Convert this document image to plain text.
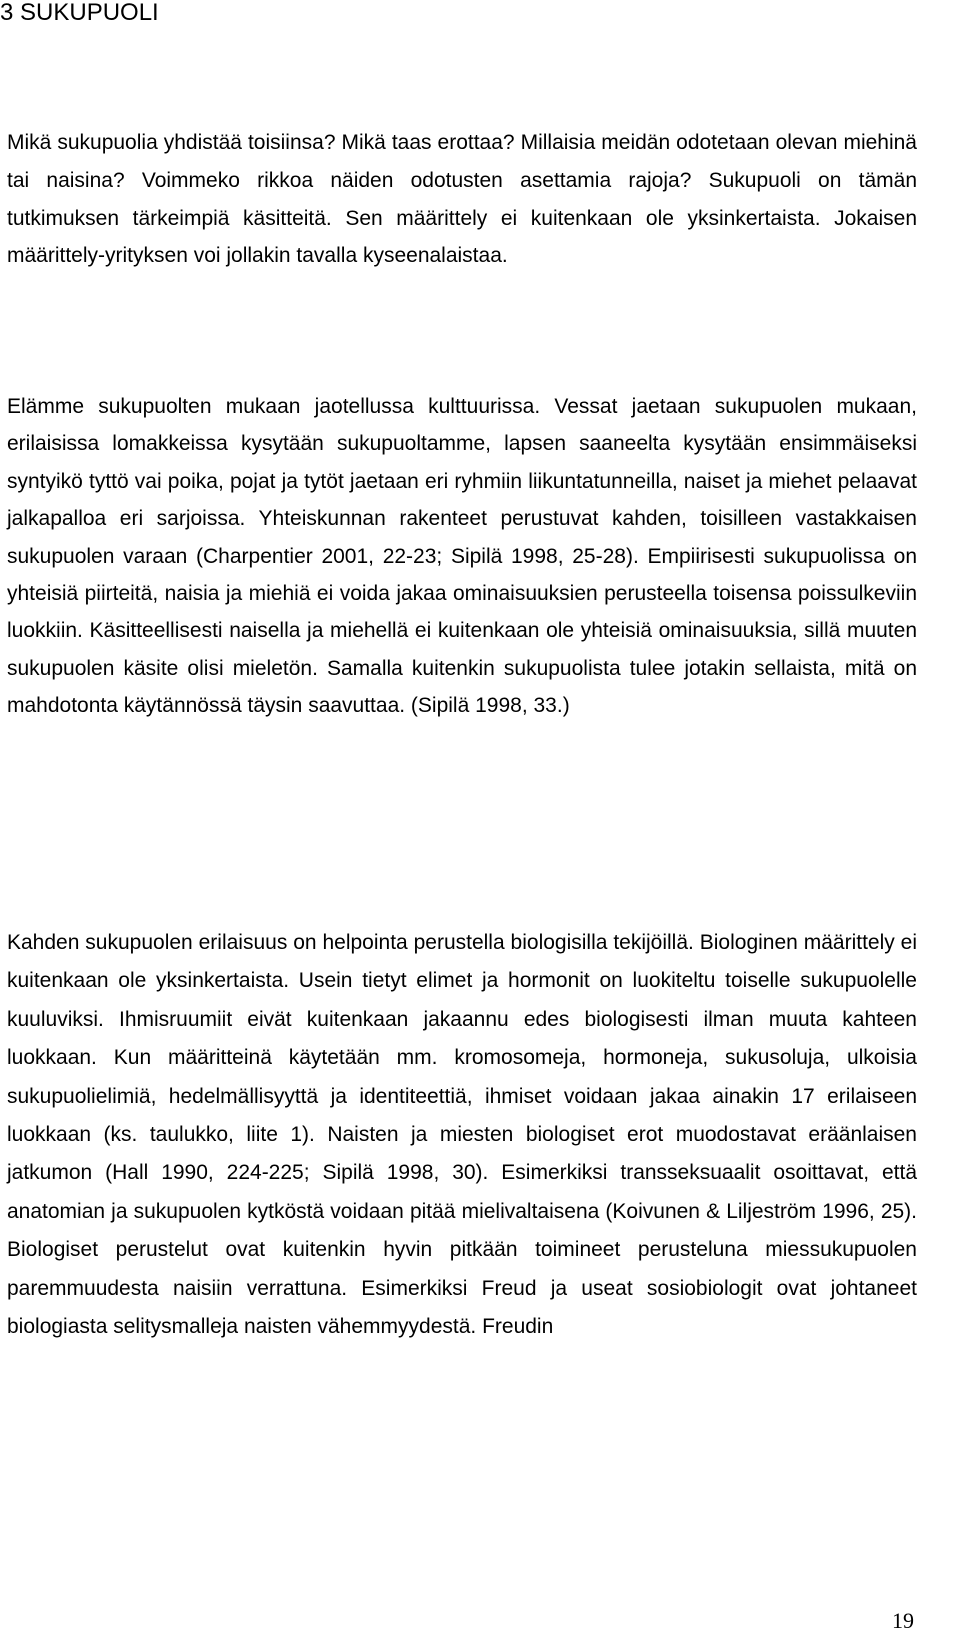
3 SUKUPUOLI

Mikä sukupuolia yhdistää toisiinsa? Mikä taas erottaa? Millaisia meidän odotetaan olevan miehinä tai naisina? Voimmeko rikkoa näiden odotusten asettamia rajoja? Sukupuoli on tämän tutkimuksen tärkeimpiä käsitteitä. Sen määrittely ei kuitenkaan ole yksinkertaista. Jokaisen määrittely-yrityksen voi jollakin tavalla kyseenalaistaa.

Elämme sukupuolten mukaan jaotellussa kulttuurissa. Vessat jaetaan sukupuolen mukaan, erilaisissa lomakkeissa kysytään sukupuoltamme, lapsen saaneelta kysytään ensimmäiseksi syntyikö tyttö vai poika, pojat ja tytöt jaetaan eri ryhmiin liikuntatunneilla, naiset ja miehet pelaavat jalkapalloa eri sarjoissa. Yhteiskunnan rakenteet perustuvat kahden, toisilleen vastakkaisen sukupuolen varaan (Charpentier 2001, 22-23; Sipilä 1998, 25-28). Empiirisesti sukupuolissa on yhteisiä piirteitä, naisia ja miehiä ei voida jakaa ominaisuuksien perusteella toisensa poissulkeviin luokkiin. Käsitteellisesti naisella ja miehellä ei kuitenkaan ole yhteisiä ominaisuuksia, sillä muuten sukupuolen käsite olisi mieletön. Samalla kuitenkin sukupuolista tulee jotakin sellaista, mitä on mahdotonta käytännössä täysin saavuttaa. (Sipilä 1998, 33.)

Kahden sukupuolen erilaisuus on helpointa perustella biologisilla tekijöillä. Biologinen määrittely ei kuitenkaan ole yksinkertaista. Usein tietyt elimet ja hormonit on luokiteltu toiselle sukupuolelle kuuluviksi. Ihmisruumiit eivät kuitenkaan jakaannu edes biologisesti ilman muuta kahteen luokkaan. Kun määritteinä käytetään mm. kromosomeja, hormoneja, sukusoluja, ulkoisia sukupuolielimiä, hedelmällisyyttä ja identiteettiä, ihmiset voidaan jakaa ainakin 17 erilaiseen luokkaan (ks. taulukko, liite 1). Naisten ja miesten biologiset erot muodostavat eräänlaisen jatkumon (Hall 1990, 224-225; Sipilä 1998, 30). Esimerkiksi transseksuaalit osoittavat, että anatomian ja sukupuolen kytköstä voidaan pitää mielivaltaisena (Koivunen & Liljeström 1996, 25). Biologiset perustelut ovat kuitenkin hyvin pitkään toimineet perusteluna miessukupuolen paremmuudesta naisiin verrattuna. Esimerkiksi Freud ja useat sosiobiologit ovat johtaneet biologiasta selitysmalleja naisten vähemmyydestä. Freudin

19
